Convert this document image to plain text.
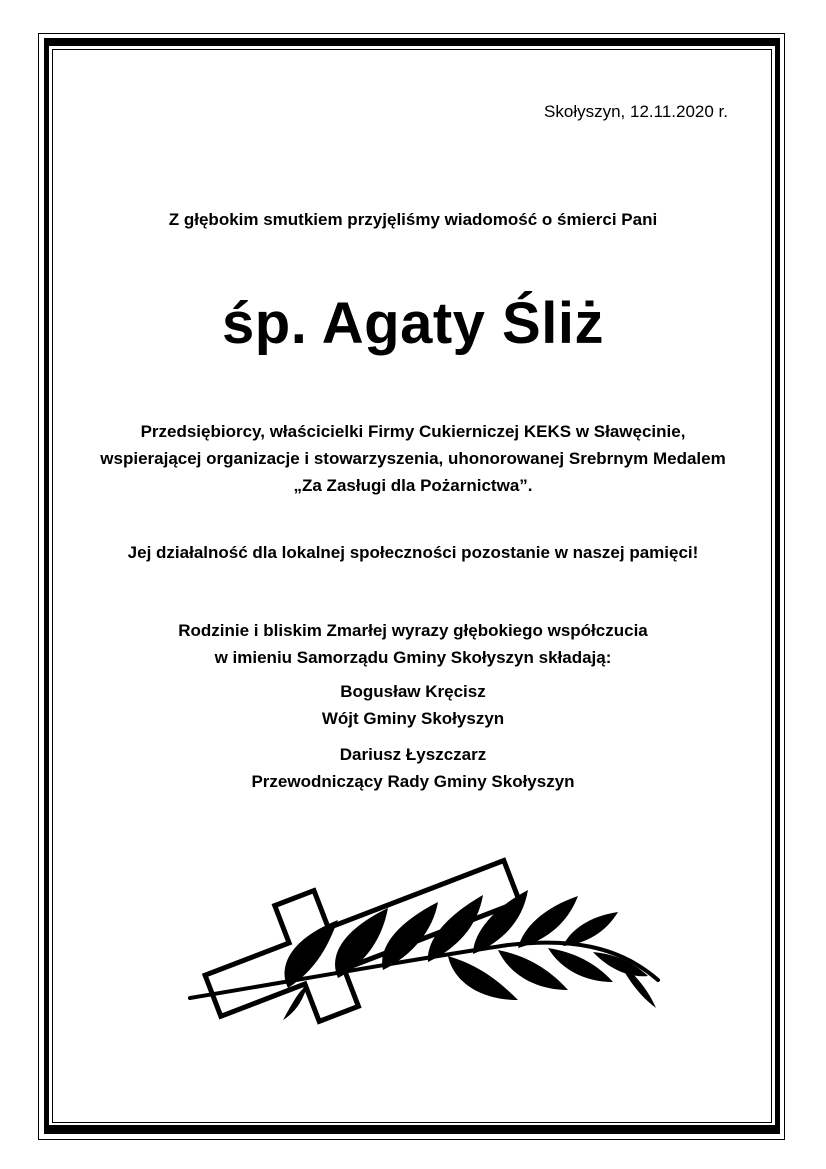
Skołyszyn, 12.11.2020 r.
Z głębokim smutkiem przyjęliśmy wiadomość o śmierci Pani
śp. Agaty Śliż
Przedsiębiorcy, właścicielki Firmy Cukierniczej KEKS w Sławęcinie,
wspierającej organizacje i stowarzyszenia, uhonorowanej Srebrnym Medalem
„Za Zasługi dla Pożarnictwa”.
Jej działalność dla lokalnej społeczności pozostanie w naszej pamięci!
Rodzinie i bliskim Zmarłej wyrazy głębokiego współczucia
w imieniu Samorządu Gminy Skołyszyn składają:
Bogusław Kręcisz
Wójt Gminy Skołyszyn
Dariusz Łyszczarz
Przewodniczący Rady Gminy Skołyszyn
